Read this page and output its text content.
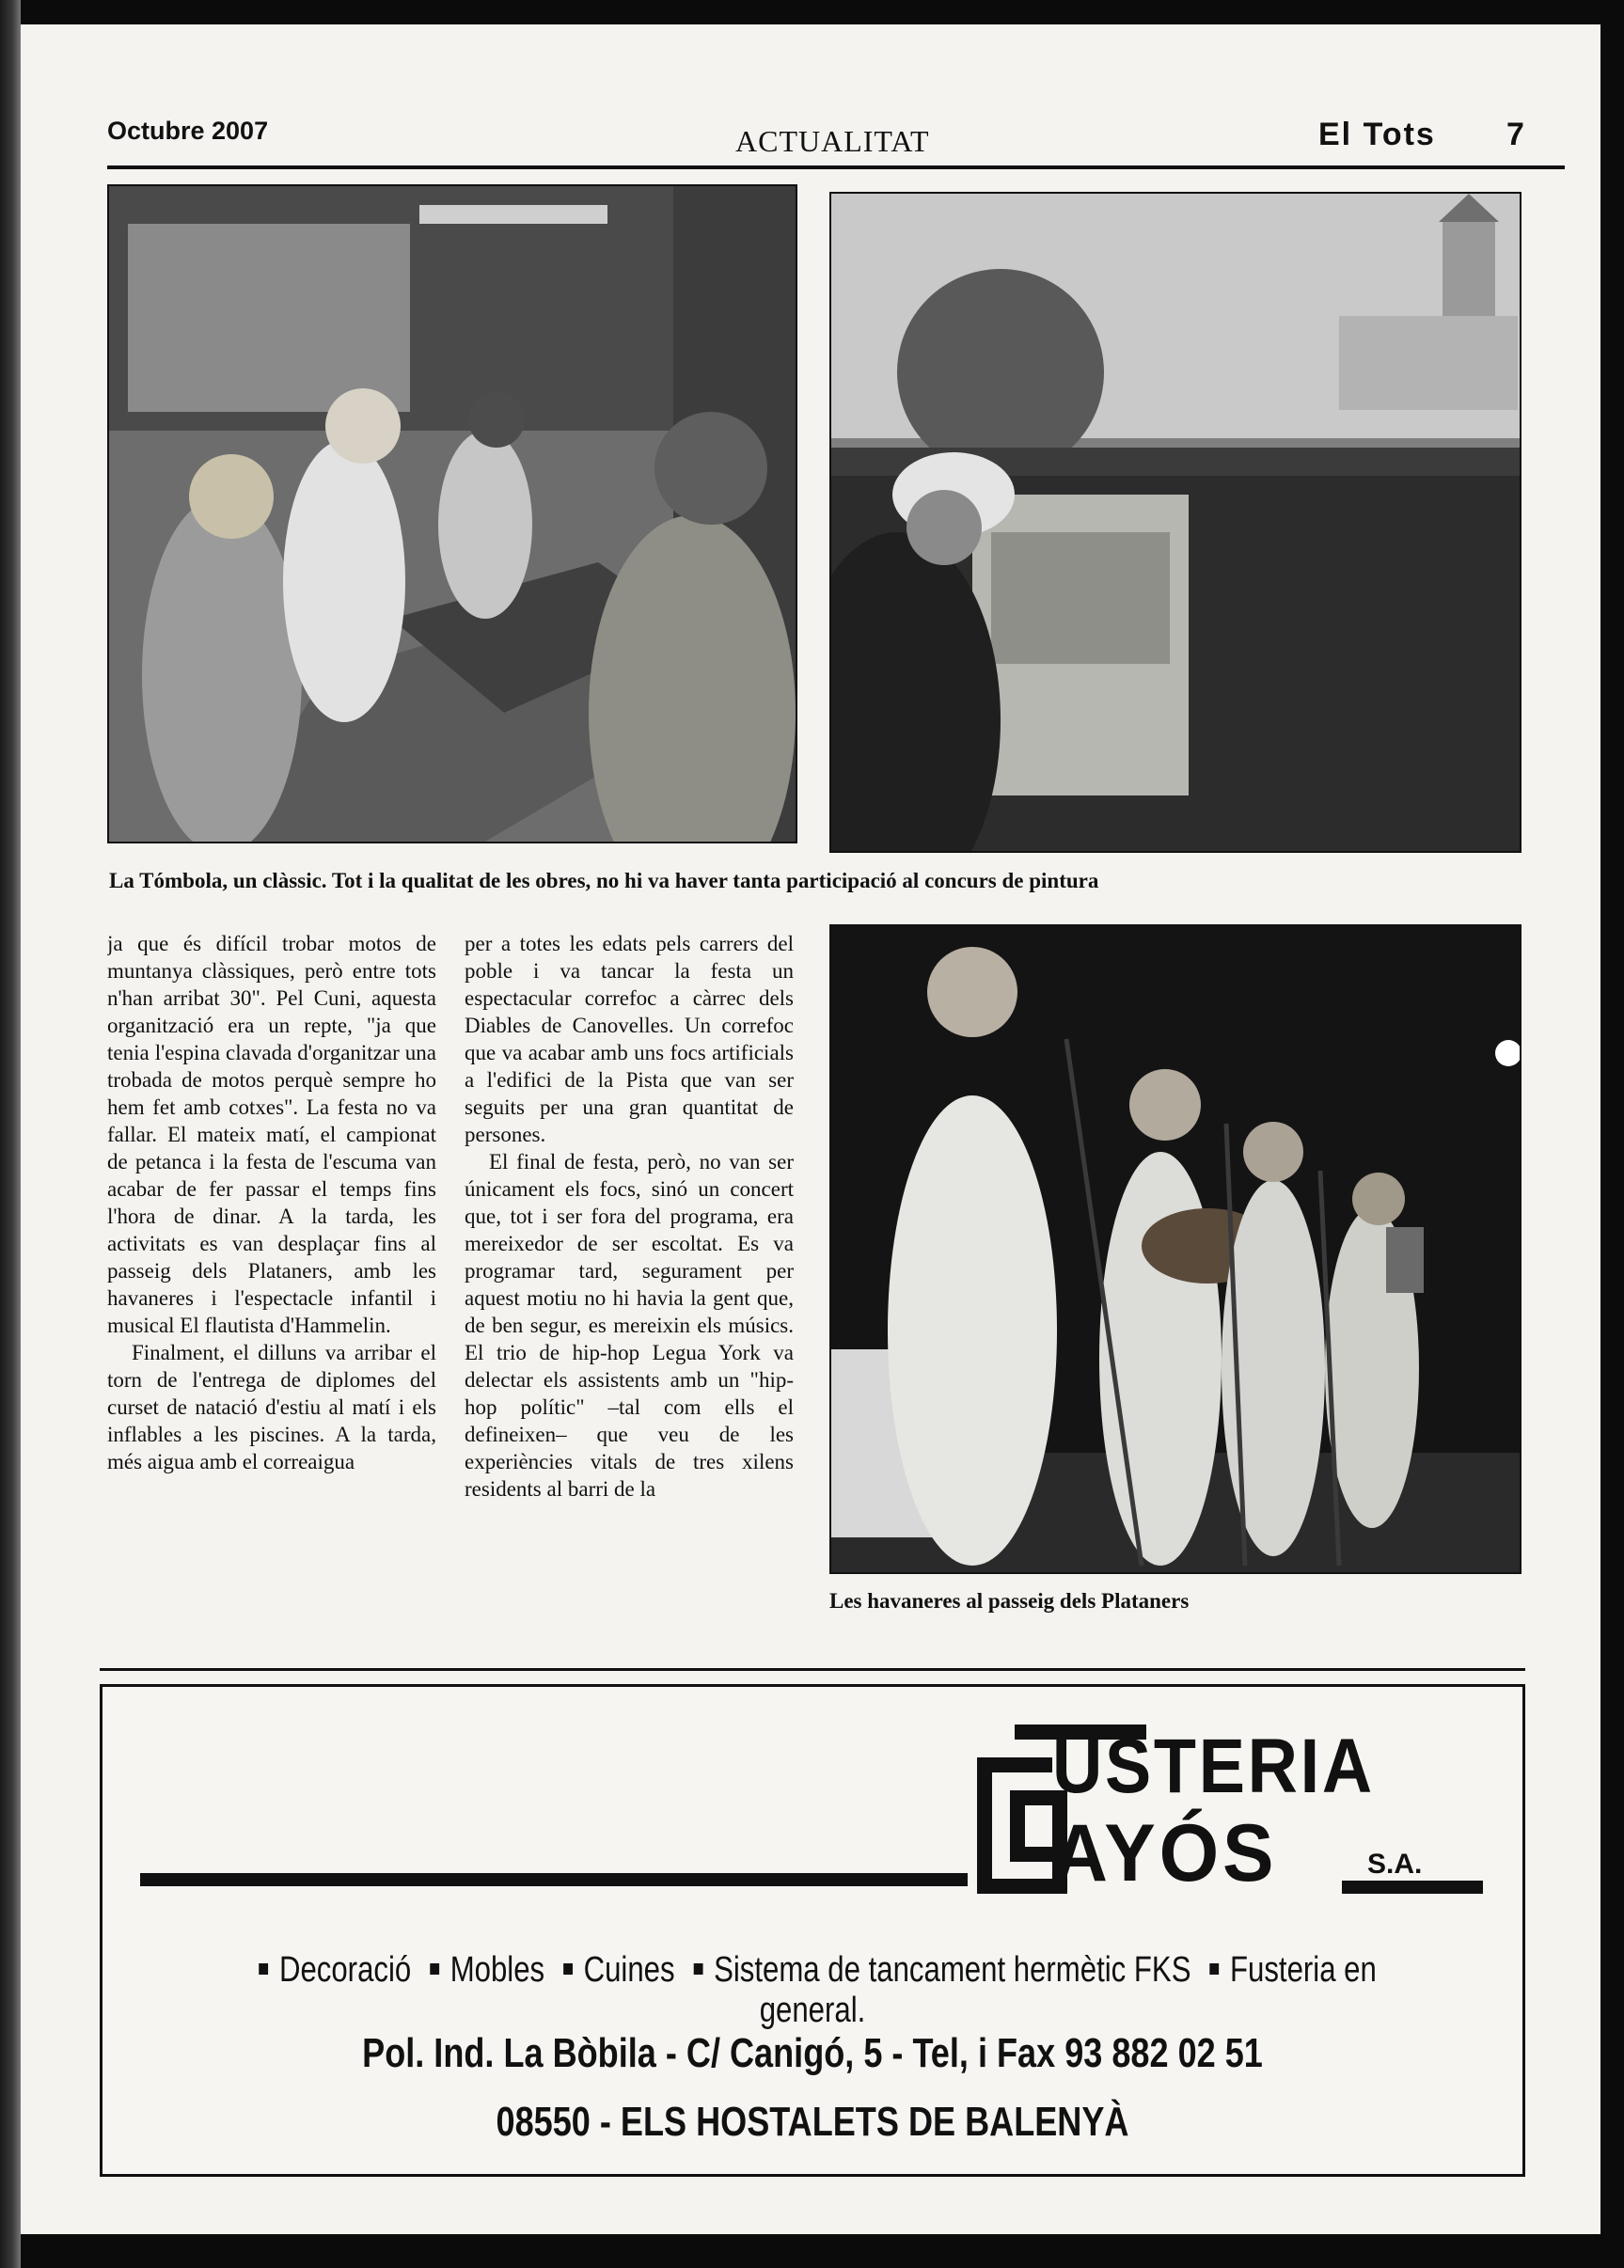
Octubre 2007	ACTUALITAT	El Tots 7
La Tómbola, un clàssic. Tot i la qualitat de les obres, no hi va haver tanta participació al concurs de pintura

ja que és difícil trobar motos de muntanya clàssiques, però entre tots n'han arribat 30". Pel Cuni, aquesta organització era un repte, "ja que tenia l'espina clavada d'organitzar una trobada de motos perquè sempre ho hem fet amb cotxes". La festa no va fallar. El mateix matí, el campionat de petanca i la festa de l'escuma van acabar de fer passar el temps fins l'hora de dinar. A la tarda, les activitats es van desplaçar fins al passeig dels Plataners, amb les havaneres i l'espectacle infantil i musical El flautista d'Hammelin.

Finalment, el dilluns va arribar el torn de l'entrega de diplomes del curset de natació d'estiu al matí i els inflables a les piscines. A la tarda, més aigua amb el correaigua

per a totes les edats pels carrers del poble i va tancar la festa un espectacular correfoc a càrrec dels Diables de Canovelles. Un correfoc que va acabar amb uns focs artificials a l'edifici de la Pista que van ser seguits per una gran quantitat de persones.

El final de festa, però, no van ser únicament els focs, sinó un concert que, tot i ser fora del programa, era mereixedor de ser escoltat. Es va programar tard, segurament per aquest motiu no hi havia la gent que, de ben segur, es mereixin els músics. El trio de hip-hop Legua York va delectar els assistents amb un "hip-hop polític" –tal com ells el defineixen– que veu de les experiències vitals de tres xilens residents al barri de la

Les havaneres al passeig dels Plataners
USTERIA
AYÓS	S.A.
Decoració Mobles Cuines Sistema de tancament hermètic FKS Fusteria en general.
Pol. Ind. La Bòbila - C/ Canigó, 5 - Tel, i Fax 93 882 02 51
08550 - ELS HOSTALETS DE BALENYÀ
